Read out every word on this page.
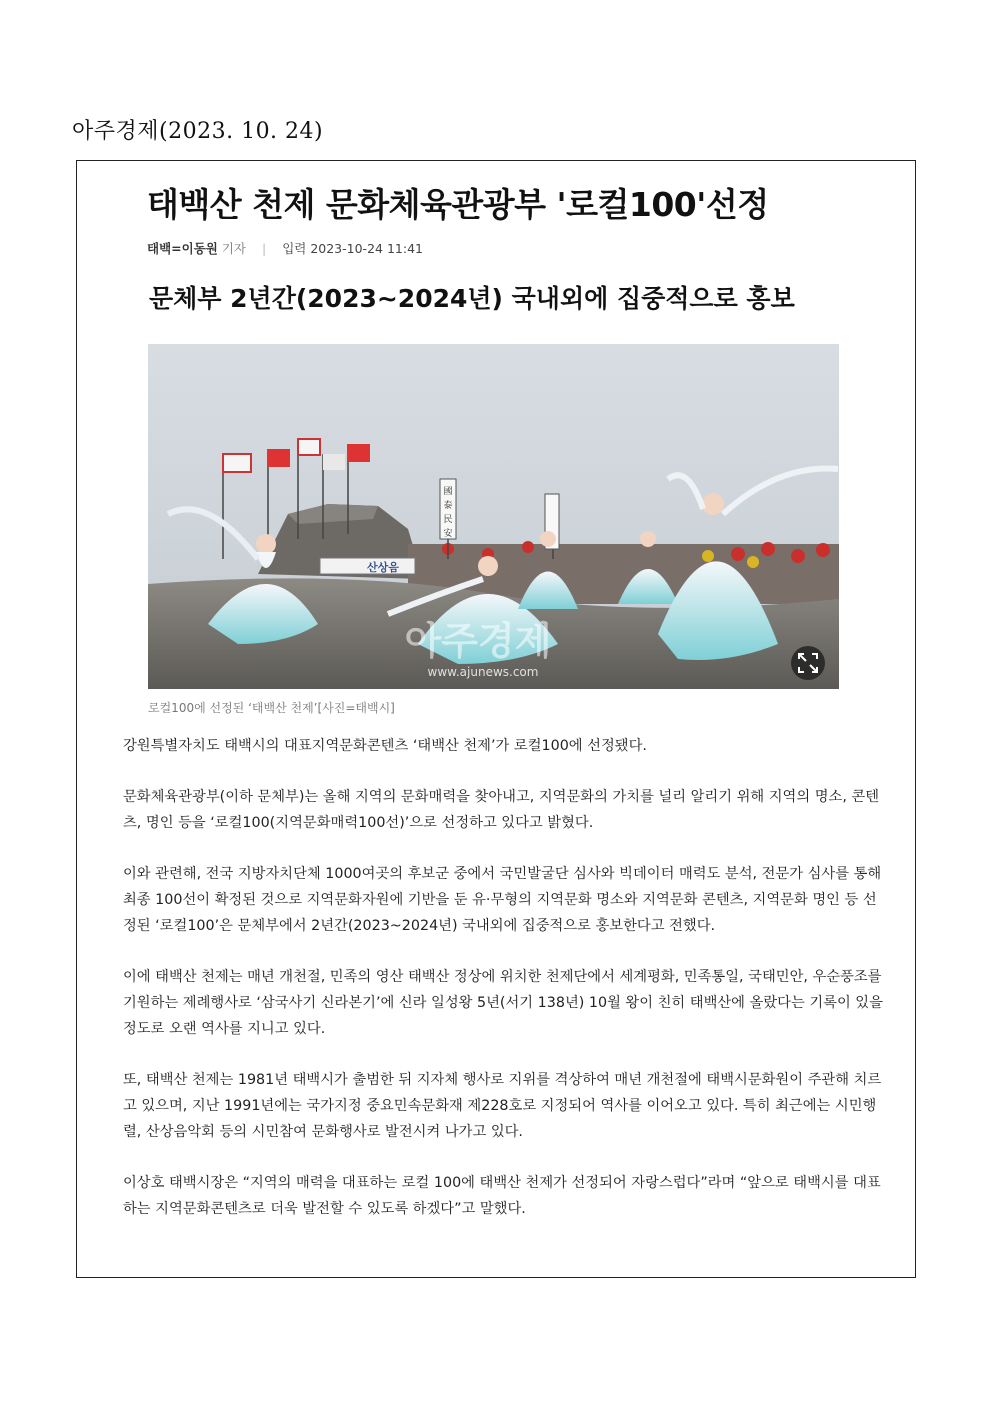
아주경제(2023. 10. 24)
태백산 천제 문화체육관광부 '로컬100'선정
태백=이동원 기자 | 입력 2023-10-24 11:41
문체부 2년간(2023~2024년) 국내외에 집중적으로 홍보
國
泰
民
安
산상음
아주경제
www.ajunews.com
로컬100에 선정된 ‘태백산 천제’[사진=태백시]

강원특별자치도 태백시의 대표지역문화콘텐츠 ‘태백산 천제’가 로컬100에 선정됐다.

문화체육관광부(이하 문체부)는 올해 지역의 문화매력을 찾아내고, 지역문화의 가치를 널리 알리기 위해 지역의 명소, 콘텐츠, 명인 등을 ‘로컬100(지역문화매력100선)’으로 선정하고 있다고 밝혔다.

이와 관련해, 전국 지방자치단체 1000여곳의 후보군 중에서 국민발굴단 심사와 빅데이터 매력도 분석, 전문가 심사를 통해 최종 100선이 확정된 것으로 지역문화자원에 기반을 둔 유·무형의 지역문화 명소와 지역문화 콘텐츠, 지역문화 명인 등 선정된 ‘로컬100’은 문체부에서 2년간(2023~2024년) 국내외에 집중적으로 홍보한다고 전했다.

이에 태백산 천제는 매년 개천절, 민족의 영산 태백산 정상에 위치한 천제단에서 세계평화, 민족통일, 국태민안, 우순풍조를 기원하는 제례행사로 ‘삼국사기 신라본기’에 신라 일성왕 5년(서기 138년) 10월 왕이 친히 태백산에 올랐다는 기록이 있을 정도로 오랜 역사를 지니고 있다.

또, 태백산 천제는 1981년 태백시가 출범한 뒤 지자체 행사로 지위를 격상하여 매년 개천절에 태백시문화원이 주관해 치르고 있으며, 지난 1991년에는 국가지정 중요민속문화재 제228호로 지정되어 역사를 이어오고 있다. 특히 최근에는 시민행렬, 산상음악회 등의 시민참여 문화행사로 발전시켜 나가고 있다.

이상호 태백시장은 “지역의 매력을 대표하는 로컬 100에 태백산 천제가 선정되어 자랑스럽다”라며 “앞으로 태백시를 대표하는 지역문화콘텐츠로 더욱 발전할 수 있도록 하겠다”고 말했다.
